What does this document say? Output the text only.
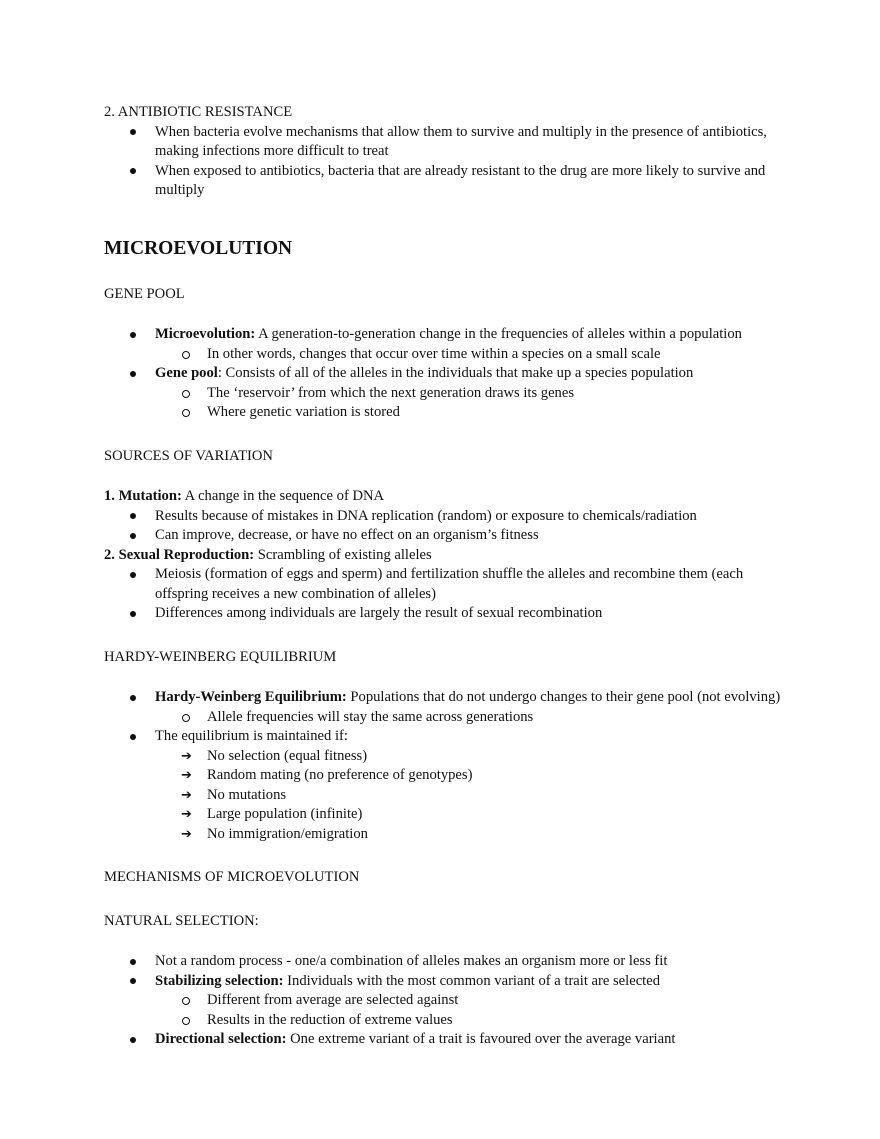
2. ANTIBIOTIC RESISTANCE
When bacteria evolve mechanisms that allow them to survive and multiply in the presence of antibiotics, making infections more difficult to treat
When exposed to antibiotics, bacteria that are already resistant to the drug are more likely to survive and multiply
MICROEVOLUTION
GENE POOL
Microevolution: A generation-to-generation change in the frequencies of alleles within a population
In other words, changes that occur over time within a species on a small scale
Gene pool: Consists of all of the alleles in the individuals that make up a species population
The ‘reservoir’ from which the next generation draws its genes
Where genetic variation is stored
SOURCES OF VARIATION
1. Mutation: A change in the sequence of DNA
Results because of mistakes in DNA replication (random) or exposure to chemicals/radiation
Can improve, decrease, or have no effect on an organism’s fitness
2. Sexual Reproduction: Scrambling of existing alleles
Meiosis (formation of eggs and sperm) and fertilization shuffle the alleles and recombine them (each offspring receives a new combination of alleles)
Differences among individuals are largely the result of sexual recombination
HARDY-WEINBERG EQUILIBRIUM
Hardy-Weinberg Equilibrium: Populations that do not undergo changes to their gene pool (not evolving)
Allele frequencies will stay the same across generations
The equilibrium is maintained if:
➔ No selection (equal fitness)
➔ Random mating (no preference of genotypes)
➔ No mutations
➔ Large population (infinite)
➔ No immigration/emigration
MECHANISMS OF MICROEVOLUTION
NATURAL SELECTION:
Not a random process - one/a combination of alleles makes an organism more or less fit
Stabilizing selection: Individuals with the most common variant of a trait are selected
Different from average are selected against
Results in the reduction of extreme values
Directional selection: One extreme variant of a trait is favoured over the average variant
